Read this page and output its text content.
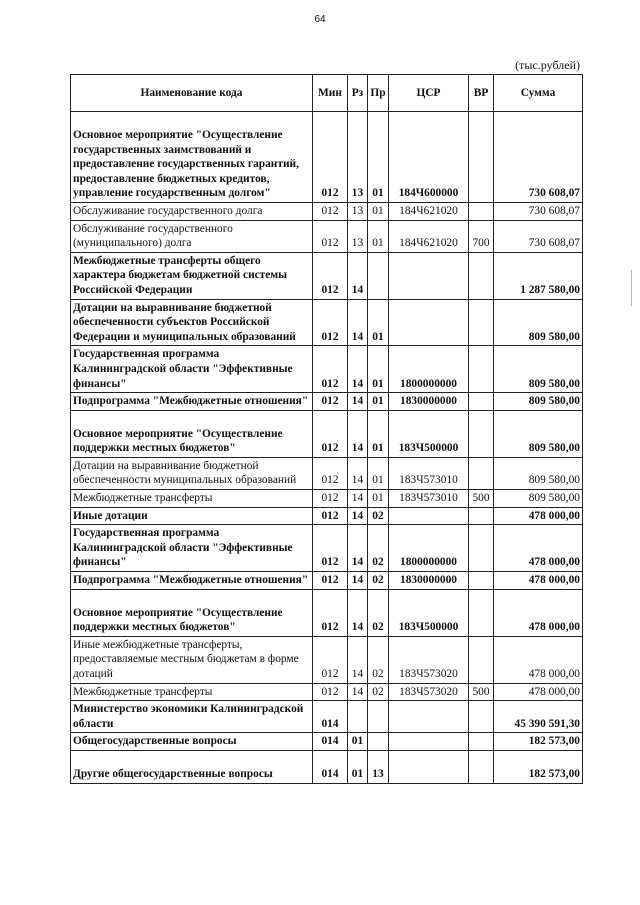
64
(тыс.рублей)
Наименование кода	Мин	Рз	Пр	ЦСР	ВР	Сумма
Основное мероприятие "Осуществление государственных заимствований и предоставление государственных гарантий, предоставление бюджетных кредитов, управление государственным долгом"	012	13	01	184Ч600000		730 608,07
Обслуживание государственного долга	012	13	01	184Ч621020		730 608,07
Обслуживание государственного (муниципального) долга	012	13	01	184Ч621020	700	730 608,07
Межбюджетные трансферты общего характера бюджетам бюджетной системы Российской Федерации	012	14				1 287 580,00
Дотации на выравнивание бюджетной обеспеченности субъектов Российской Федерации и муниципальных образований	012	14	01			809 580,00
Государственная программа Калининградской области "Эффективные финансы"	012	14	01	1800000000		809 580,00
Подпрограмма "Межбюджетные отношения"	012	14	01	1830000000		809 580,00
Основное мероприятие "Осуществление поддержки местных бюджетов"	012	14	01	183Ч500000		809 580,00
Дотации на выравнивание бюджетной обеспеченности муниципальных образований	012	14	01	183Ч573010		809 580,00
Межбюджетные трансферты	012	14	01	183Ч573010	500	809 580,00
Иные дотации	012	14	02			478 000,00
Государственная программа Калининградской области "Эффективные финансы"	012	14	02	1800000000		478 000,00
Подпрограмма "Межбюджетные отношения"	012	14	02	1830000000		478 000,00
Основное мероприятие "Осуществление поддержки местных бюджетов"	012	14	02	183Ч500000		478 000,00
Иные межбюджетные трансферты, предоставляемые местным бюджетам в форме дотаций	012	14	02	183Ч573020		478 000,00
Межбюджетные трансферты	012	14	02	183Ч573020	500	478 000,00
Министерство экономики Калининградской области	014					45 390 591,30
Общегосударственные вопросы	014	01				182 573,00
Другие общегосударственные вопросы	014	01	13			182 573,00
